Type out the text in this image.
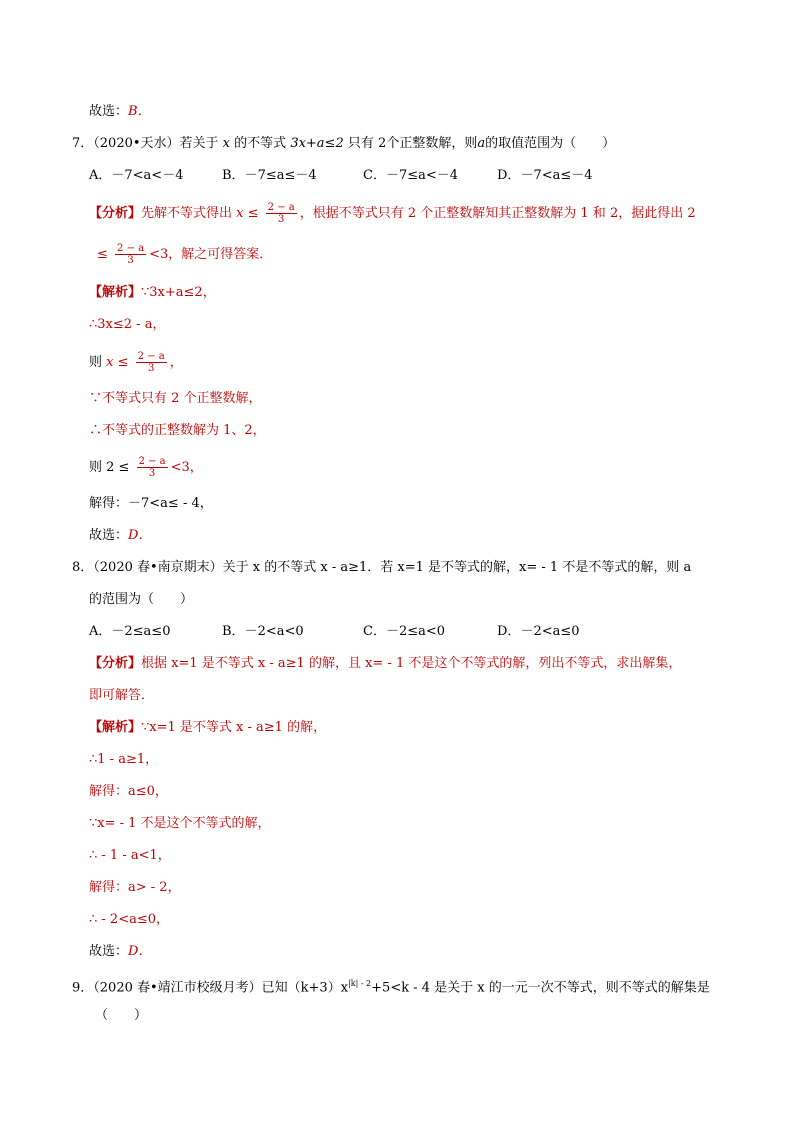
故选：B．
7．（2020•天水）若关于 x 的不等式 3x+a≤2 只有 2个正整数解，则a的取值范围为（　　）
A．－7<a<－4	B．－7≤a≤－4	C．－7≤a<－4	D．－7<a≤－4
【分析】先解不等式得出 $x \le \frac{2 - a}{3}$ ，根据不等式只有 2 个正整数解知其正整数解为 1 和 2，据此得出 2
≤ $\frac{2 - a}{3} <3$，解之可得答案．
【解析】∵3x+a≤2，
∴3x≤2 - a，
则 $x \le \frac{2 - a}{3}$ ，
∵不等式只有 2 个正整数解，
∴不等式的正整数解为 1、2，
则 $2 \le \frac{2 - a}{3} <3$，
解得：－7<a≤ - 4，
故选：D．
8．（2020 春•南京期末）关于 x 的不等式 x - a≥1．若 x=1 是不等式的解，x= - 1 不是不等式的解，则 a
的范围为（　　）
A．－2≤a≤0	B．－2<a<0	C．－2≤a<0	D．－2<a≤0
【分析】根据 x=1 是不等式 x - a≥1 的解，且 x= - 1 不是这个不等式的解，列出不等式，求出解集，
即可解答．
【解析】∵x=1 是不等式 x - a≥1 的解，
∴1 - a≥1，
解得：a≤0，
∵x= - 1 不是这个不等式的解，
∴ - 1 - a<1，
解得：a> - 2，
∴ - 2<a≤0，
故选：D．
9．（2020 春•靖江市校级月考）已知$(k+3)x^{|k| - 2}+5<k - 4$ 是关于 x 的一元一次不等式，则不等式的解集是
（　　）
